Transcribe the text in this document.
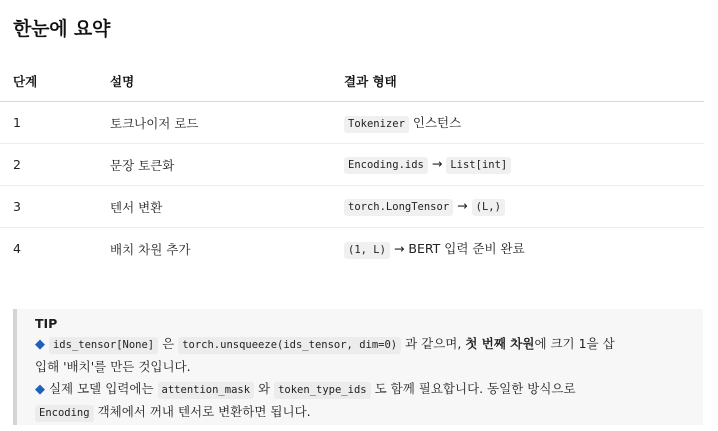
한눈에 요약
단계	설명	결과 형태
1	토크나이저 로드	Tokenizer 인스턴스
2	문장 토큰화	Encoding.ids → List[int]
3	텐서 변환	torch.LongTensor → (L,)
4	배치 차원 추가	(1, L) → BERT 입력 준비 완료
TIP
◆ ids_tensor[None] 은 torch.unsqueeze(ids_tensor, dim=0) 과 같으며, 첫 번째 차원에 크기 1을 삽
입해 '배치'를 만든 것입니다.
◆ 실제 모델 입력에는 attention_mask 와 token_type_ids 도 함께 필요합니다. 동일한 방식으로
Encoding 객체에서 꺼내 텐서로 변환하면 됩니다.
